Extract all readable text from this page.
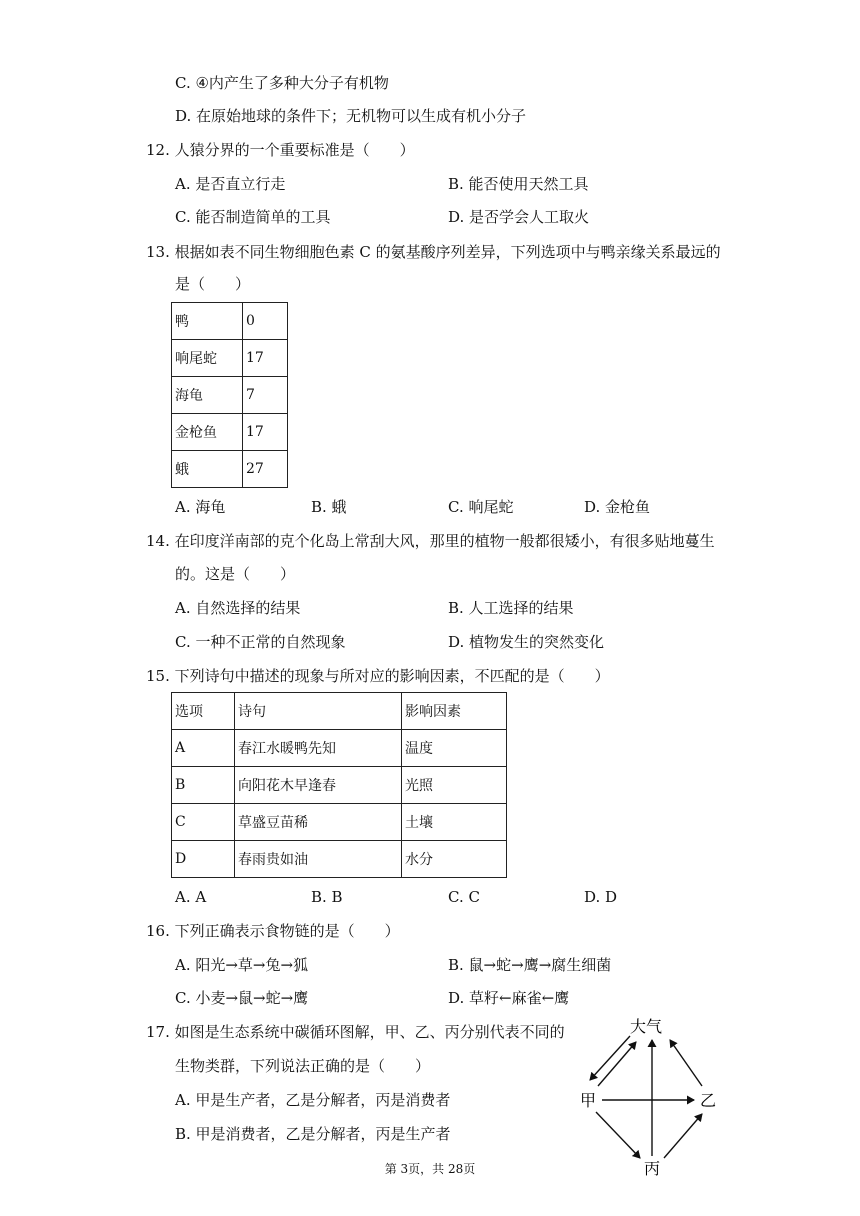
C. ④内产生了多种大分子有机物
D. 在原始地球的条件下；无机物可以生成有机小分子
12. 人猿分界的一个重要标准是（　　）
A. 是否直立行走	B. 能否使用天然工具
C. 能否制造简单的工具	D. 是否学会人工取火
13. 根据如表不同生物细胞色素 C 的氨基酸序列差异，下列选项中与鸭亲缘关系最远的
是（　　）
鸭	0
响尾蛇	17
海龟	7
金枪鱼	17
蛾	27
A. 海龟	B. 蛾	C. 响尾蛇	D. 金枪鱼
14. 在印度洋南部的克个化岛上常刮大风，那里的植物一般都很矮小，有很多贴地蔓生
的。这是（　　）
A. 自然选择的结果	B. 人工选择的结果
C. 一种不正常的自然现象	D. 植物发生的突然变化
15. 下列诗句中描述的现象与所对应的影响因素，不匹配的是（　　）
选项	诗句	影响因素
A	春江水暖鸭先知	温度
B	向阳花木早逢春	光照
C	草盛豆苗稀	土壤
D	春雨贵如油	水分
A. A	B. B	C. C	D. D
16. 下列正确表示食物链的是（　　）
A. 阳光→草→兔→狐	B. 鼠→蛇→鹰→腐生细菌
C. 小麦→鼠→蛇→鹰	D. 草籽←麻雀←鹰
17. 如图是生态系统中碳循环图解，甲、乙、丙分别代表不同的
生物类群，下列说法正确的是（　　）
A. 甲是生产者，乙是分解者，丙是消费者
B. 甲是消费者，乙是分解者，丙是生产者
大气
甲	乙
丙
第 3页，共 28页
